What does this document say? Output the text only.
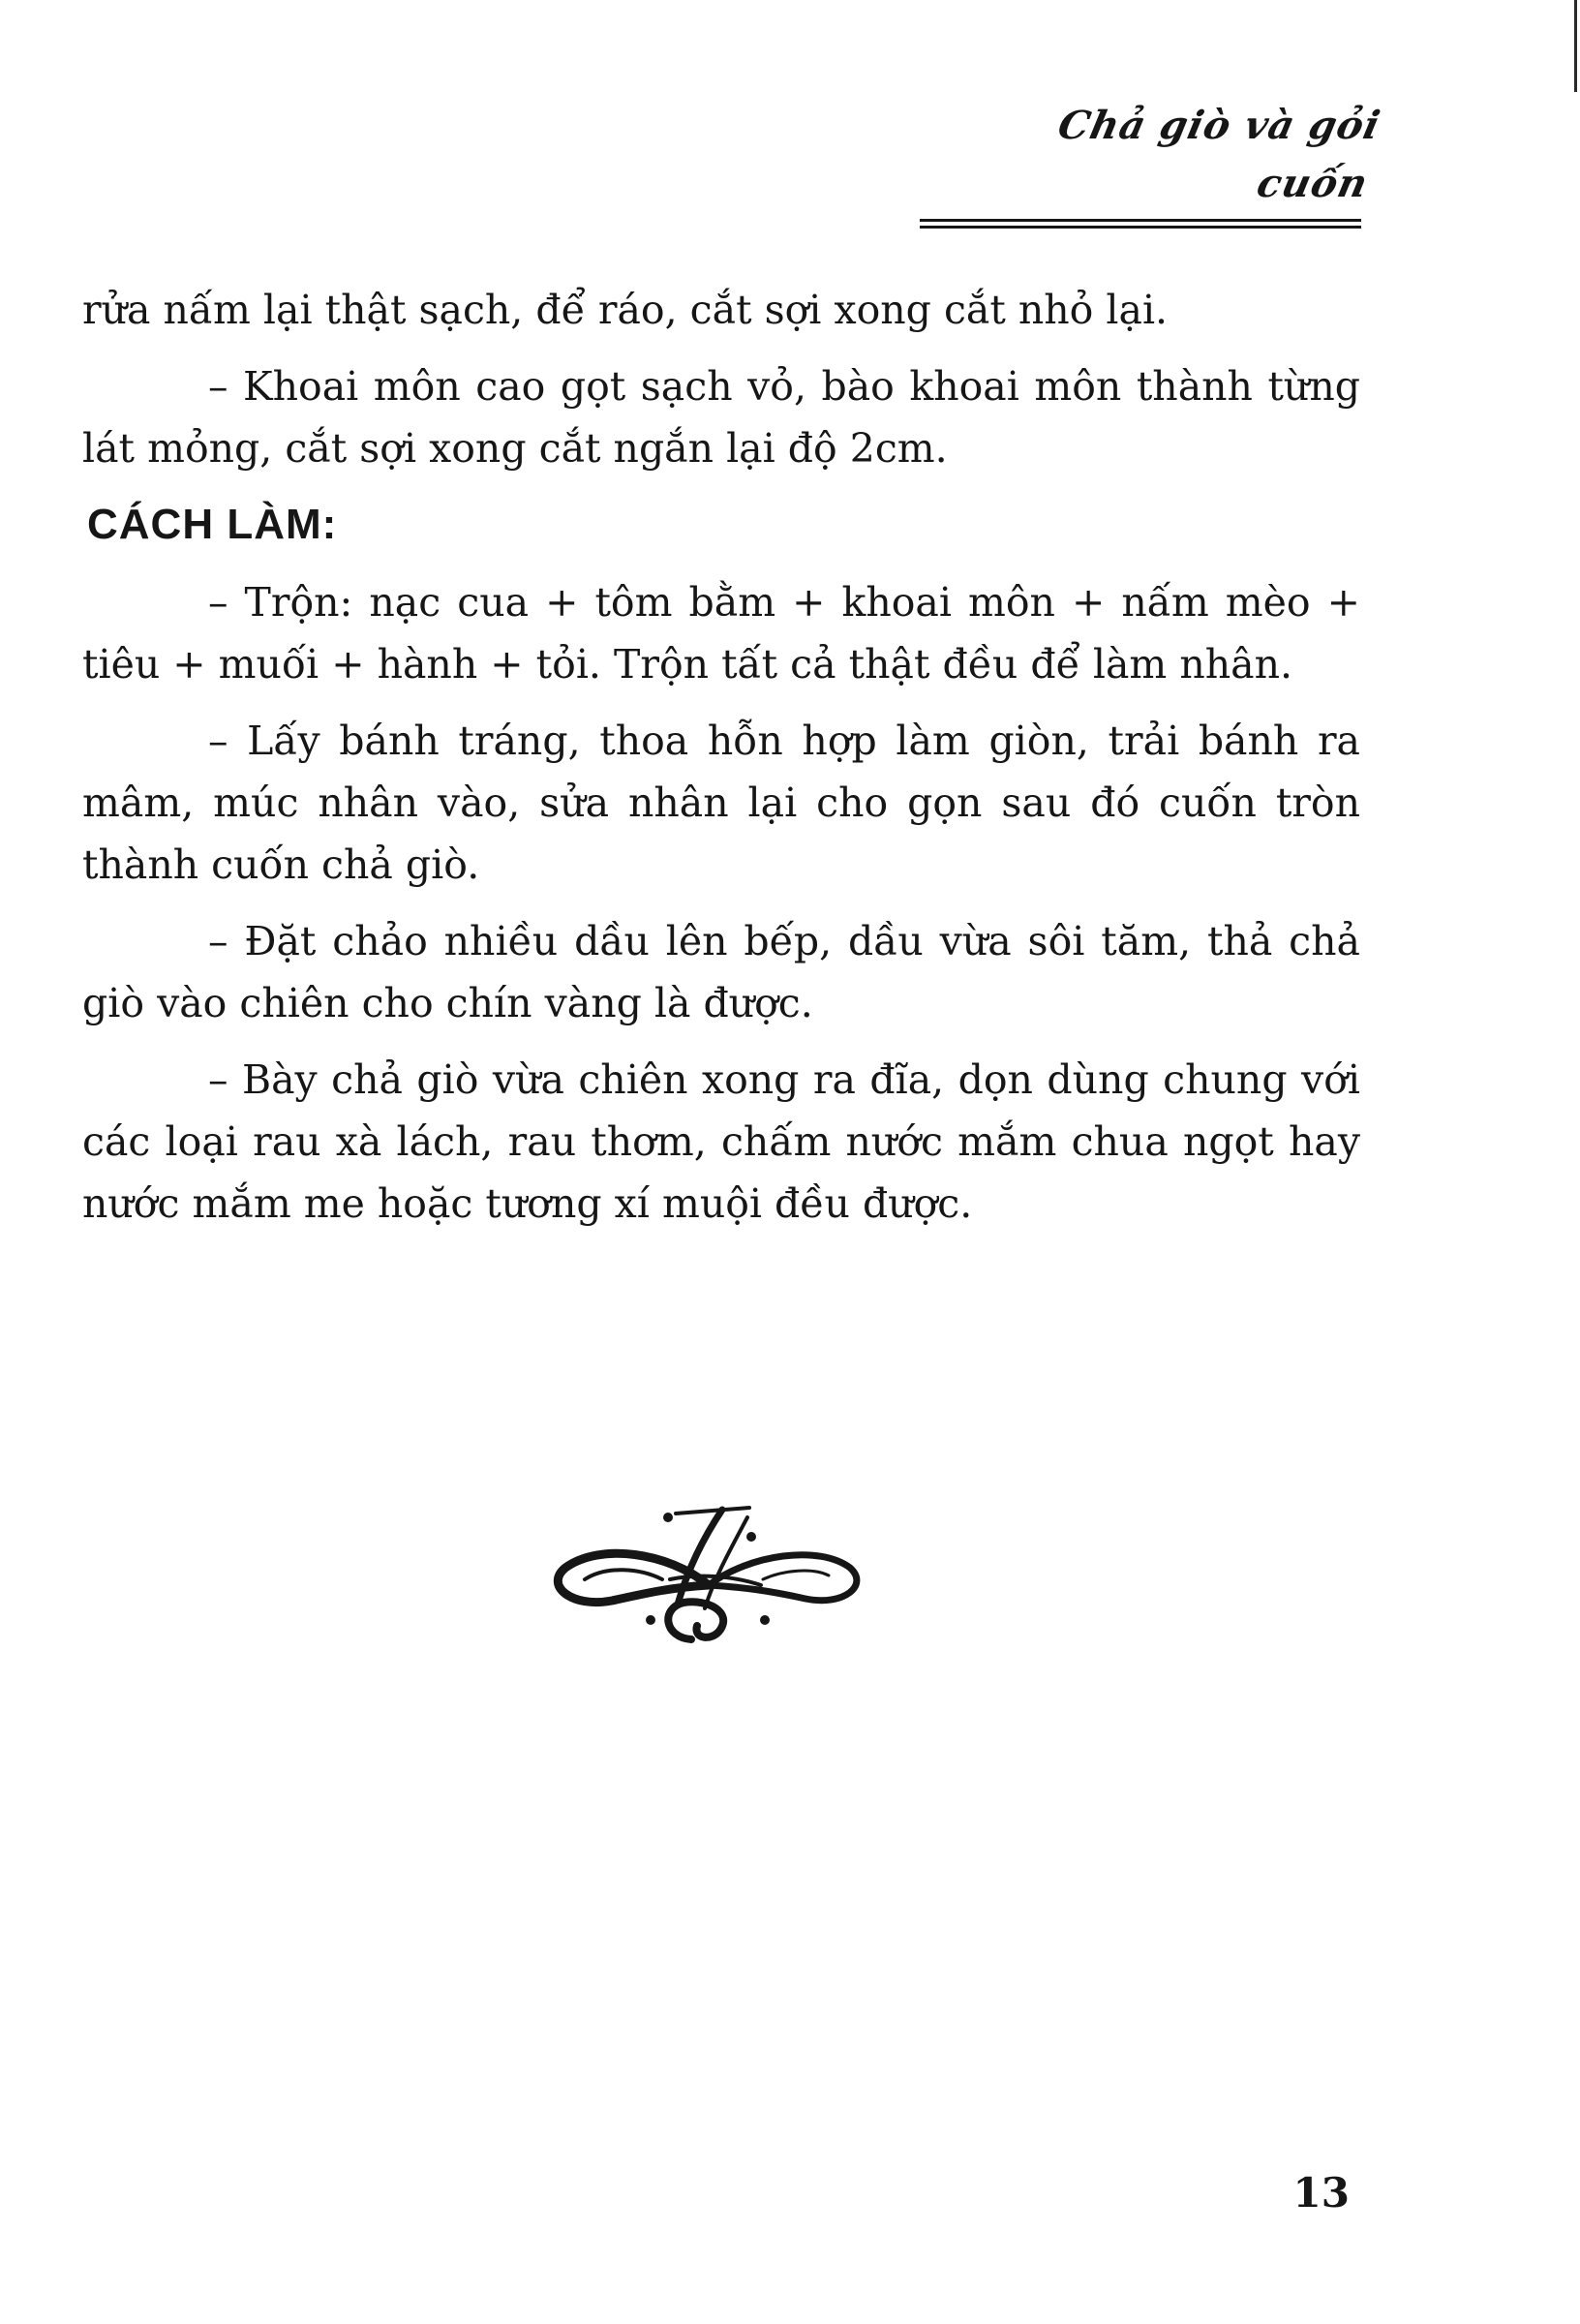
Chả giò và gỏi cuốn

rửa nấm lại thật sạch, để ráo, cắt sợi xong cắt nhỏ lại.

– Khoai môn cao gọt sạch vỏ, bào khoai môn thành từng lát mỏng, cắt sợi xong cắt ngắn lại độ 2cm.

CÁCH LÀM:

– Trộn: nạc cua + tôm bằm + khoai môn + nấm mèo + tiêu + muối + hành + tỏi. Trộn tất cả thật đều để làm nhân.

– Lấy bánh tráng, thoa hỗn hợp làm giòn, trải bánh ra mâm, múc nhân vào, sửa nhân lại cho gọn sau đó cuốn tròn thành cuốn chả giò.

– Đặt chảo nhiều dầu lên bếp, dầu vừa sôi tăm, thả chả giò vào chiên cho chín vàng là được.

– Bày chả giò vừa chiên xong ra đĩa, dọn dùng chung với các loại rau xà lách, rau thơm, chấm nước mắm chua ngọt hay nước mắm me hoặc tương xí muội đều được.

13
